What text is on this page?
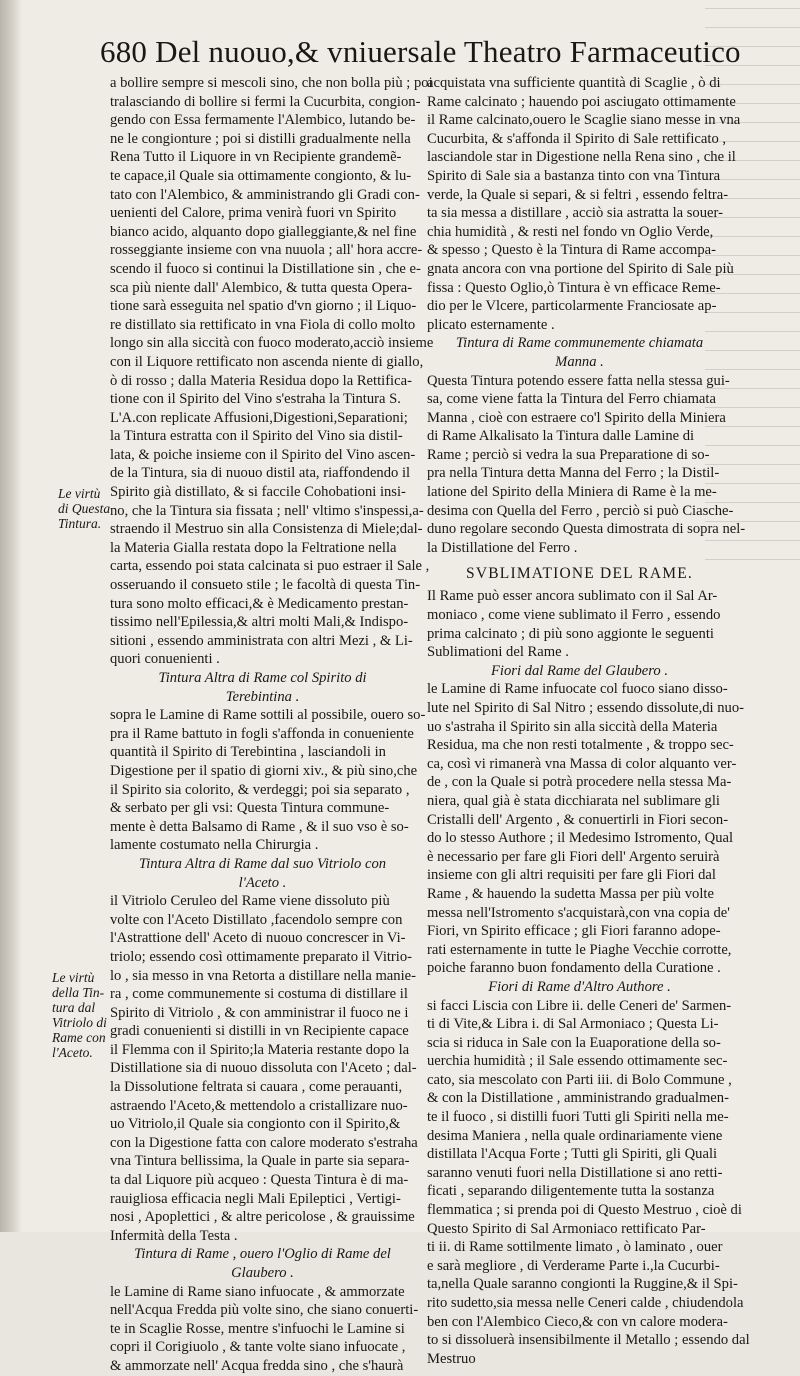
680 Del nuouo,& vniuersale Theatro Farmaceutico
a bollire sempre si mescoli sino, che non bolla più ; poi
tralasciando di bollire si fermi la Cucurbita, congion-
gendo con Essa fermamente l'Alembico, lutando be-
ne le congionture ; poi si distilli gradualmente nella
Rena Tutto il Liquore in vn Recipiente grandemẽ-
te capace,il Quale sia ottimamente congionto, & lu-
tato con l'Alembico, & amministrando gli Gradi con-
uenienti del Calore, prima venirà fuori vn Spirito
bianco acido, alquanto dopo gialleggiante,& nel fine
rosseggiante insieme con vna nuuola ; all' hora accre-
scendo il fuoco si continui la Distillatione sin , che e-
sca più niente dall' Alembico, & tutta questa Opera-
tione sarà esseguita nel spatio d'vn giorno ; il Liquo-
re distillato sia rettificato in vna Fiola di collo molto
longo sin alla siccità con fuoco moderato,acciò insieme
con il Liquore rettificato non ascenda niente di giallo,
ò di rosso ; dalla Materia Residua dopo la Rettifica-
tione con il Spirito del Vino s'estraha la Tintura S.
L'A.con replicate Affusioni,Digestioni,Separationi;
la Tintura estratta con il Spirito del Vino sia distil-
lata, & poiche insieme con il Spirito del Vino ascen-
de la Tintura, sia di nuouo distil ata, riaffondendo il
Spirito già distillato, & si faccile Cohobationi insi-
no, che la Tintura sia fissata ; nell' vltimo s'inspessi,a-
straendo il Mestruo sin alla Consistenza di Miele;dal-
la Materia Gialla restata dopo la Feltratione nella
carta, essendo poi stata calcinata si puo estraer il Sale ,
osseruando il consueto stile ; le facoltà di questa Tin-
tura sono molto efficaci,& è Medicamento prestan-
tissimo nell'Epilessia,& altri molti Mali,& Indispo-
sitioni , essendo amministrata con altri Mezi , & Li-
quori conuenienti .
Tintura Altra di Rame col Spirito di
Terebintina .
sopra le Lamine di Rame sottili al possibile, ouero so-
pra il Rame battuto in fogli s'affonda in conueniente
quantità il Spirito di Terebintina , lasciandoli in
Digestione per il spatio di giorni xiv., & più sino,che
il Spirito sia colorito, & verdeggi; poi sia separato ,
& serbato per gli vsi: Questa Tintura commune-
mente è detta Balsamo di Rame , & il suo vso è so-
lamente costumato nella Chirurgia .
Tintura Altra di Rame dal suo Vitriolo con
l'Aceto .
il Vitriolo Ceruleo del Rame viene dissoluto più
volte con l'Aceto Distillato ,facendolo sempre con
l'Astrattione dell' Aceto di nuouo concrescer in Vi-
triolo; essendo così ottimamente preparato il Vitrio-
lo , sia messo in vna Retorta a distillare nella manie-
ra , come communemente si costuma di distillare il
Spirito di Vitriolo , & con amministrar il fuoco ne i
gradi conuenienti si distilli in vn Recipiente capace
il Flemma con il Spirito;la Materia restante dopo la
Distillatione sia di nuouo dissoluta con l'Aceto ; dal-
la Dissolutione feltrata si cauara , come perauanti,
astraendo l'Aceto,& mettendolo a cristallizare nuo-
uo Vitriolo,il Quale sia congionto con il Spirito,&
con la Digestione fatta con calore moderato s'estraha
vna Tintura bellissima, la Quale in parte sia separa-
ta dal Liquore più acqueo : Questa Tintura è di ma-
rauigliosa efficacia negli Mali Epileptici , Vertigi-
nosi , Apoplettici , & altre pericolose , & grauissime
Infermità della Testa .
Tintura di Rame , ouero l'Oglio di Rame del
Glaubero .
le Lamine di Rame siano infuocate , & ammorzate
nell'Acqua Fredda più volte sino, che siano conuerti-
te in Scaglie Rosse, mentre s'infuochi le Lamine si
copri il Corigiuolo , & tante volte siano infuocate ,
& ammorzate nell' Acqua fredda sino , che s'haurà
acquistata vna sufficiente quantità di Scaglie , ò di
Rame calcinato ; hauendo poi asciugato ottimamente
il Rame calcinato,ouero le Scaglie siano messe in vna
Cucurbita, & s'affonda il Spirito di Sale rettificato ,
lasciandole star in Digestione nella Rena sino , che il
Spirito di Sale sia a bastanza tinto con vna Tintura
verde, la Quale si separi, & si feltri , essendo feltra-
ta sia messa a distillare , acciò sia astratta la souer-
chia humidità , & resti nel fondo vn Oglio Verde,
& spesso ; Questo è la Tintura di Rame accompa-
gnata ancora con vna portione del Spirito di Sale più
fissa : Questo Oglio,ò Tintura è vn efficace Reme-
dio per le Vlcere, particolarmente Franciosate ap-
plicato esternamente .
Tintura di Rame communemente chiamata
Manna .
Questa Tintura potendo essere fatta nella stessa gui-
sa, come viene fatta la Tintura del Ferro chiamata
Manna , cioè con estraere co'l Spirito della Miniera
di Rame Alkalisato la Tintura dalle Lamine di
Rame ; perciò si vedra la sua Preparatione di so-
pra nella Tintura detta Manna del Ferro ; la Distil-
latione del Spirito della Miniera di Rame è la me-
desima con Quella del Ferro , perciò si può Ciasche-
duno regolare secondo Questa dimostrata di sopra nel-
la Distillatione del Ferro .
SVBLIMATIONE DEL RAME.
Il Rame può esser ancora sublimato con il Sal Ar-
moniaco , come viene sublimato il Ferro , essendo
prima calcinato ; di più sono aggionte le seguenti
Sublimationi del Rame .
Fiori dal Rame del Glaubero .
le Lamine di Rame infuocate col fuoco siano disso-
lute nel Spirito di Sal Nitro ; essendo dissolute,di nuo-
uo s'astraha il Spirito sin alla siccità della Materia
Residua, ma che non resti totalmente , & troppo sec-
ca, così vi rimanerà vna Massa di color alquanto ver-
de , con la Quale si potrà procedere nella stessa Ma-
niera, qual già è stata dicchiarata nel sublimare gli
Cristalli dell' Argento , & conuertirli in Fiori secon-
do lo stesso Authore ; il Medesimo Istromento, Qual
è necessario per fare gli Fiori dell' Argento seruirà
insieme con gli altri requisiti per fare gli Fiori dal
Rame , & hauendo la sudetta Massa per più volte
messa nell'Istromento s'acquistarà,con vna copia de'
Fiori, vn Spirito efficace ; gli Fiori faranno adope-
rati esternamente in tutte le Piaghe Vecchie corrotte,
poiche faranno buon fondamento della Curatione .
Fiori di Rame d'Altro Authore .
si facci Liscia con Libre ii. delle Ceneri de' Sarmen-
ti di Vite,& Libra i. di Sal Armoniaco ; Questa Li-
scia si riduca in Sale con la Euaporatione della so-
uerchia humidità ; il Sale essendo ottimamente sec-
cato, sia mescolato con Parti iii. di Bolo Commune ,
& con la Distillatione , amministrando gradualmen-
te il fuoco , si distilli fuori Tutti gli Spiriti nella me-
desima Maniera , nella quale ordinariamente viene
distillata l'Acqua Forte ; Tutti gli Spiriti, gli Quali
saranno venuti fuori nella Distillatione si ano retti-
ficati , separando diligentemente tutta la sostanza
flemmatica ; si prenda poi di Questo Mestruo , cioè di
Questo Spirito di Sal Armoniaco rettificato Par-
ti ii. di Rame sottilmente limato , ò laminato , ouer
e sarà megliore , di Verderame Parte i.,la Cucurbi-
ta,nella Quale saranno congionti la Ruggine,& il Spi-
rito sudetto,sia messa nelle Ceneri calde , chiudendola
ben con l'Alembico Cieco,& con vn calore modera-
to si dissoluerà insensibilmente il Metallo ; essendo dal
Mestruo
Le virtù
di Questa
Tintura.
Le virtù
della Tin-
tura dal
Vitriolo di
Rame con
l'Aceto.
